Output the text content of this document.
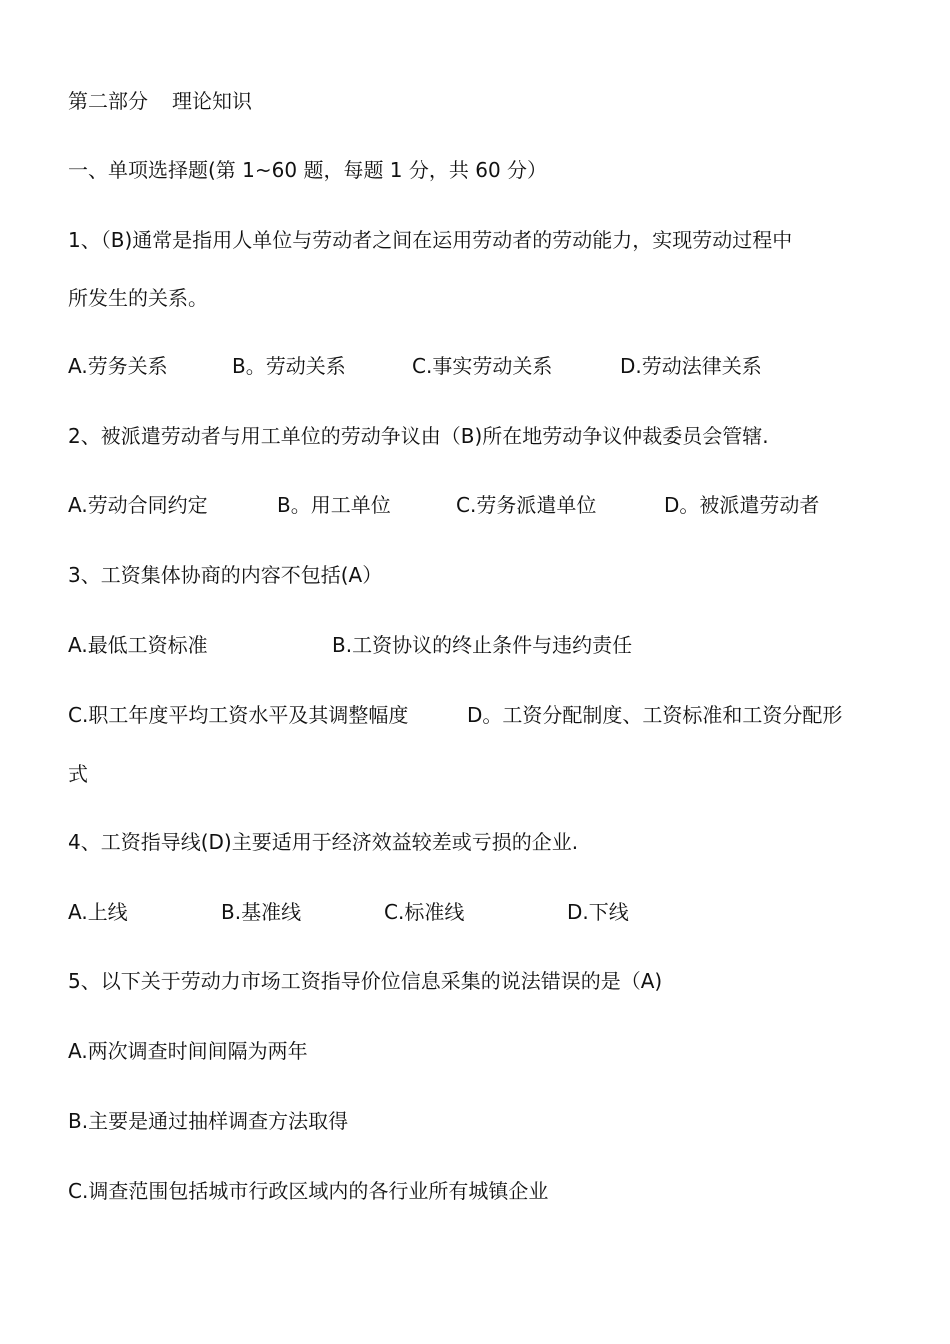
第二部分 理论知识
一、单项选择题(第 1~60 题，每题 1 分，共 60 分）
1、（B)通常是指用人单位与劳动者之间在运用劳动者的劳动能力，实现劳动过程中
所发生的关系。
A.劳务关系	B。劳动关系	C.事实劳动关系	D.劳动法律关系
2、被派遣劳动者与用工单位的劳动争议由（B)所在地劳动争议仲裁委员会管辖.
A.劳动合同约定	B。用工单位	C.劳务派遣单位	D。被派遣劳动者
3、工资集体协商的内容不包括(A）
A.最低工资标准	B.工资协议的终止条件与违约责任
C.职工年度平均工资水平及其调整幅度	D。工资分配制度、工资标准和工资分配形
式
4、工资指导线(D)主要适用于经济效益较差或亏损的企业.
A.上线	B.基准线	C.标准线	D.下线
5、以下关于劳动力市场工资指导价位信息采集的说法错误的是（A)
A.两次调查时间间隔为两年
B.主要是通过抽样调查方法取得
C.调查范围包括城市行政区域内的各行业所有城镇企业
